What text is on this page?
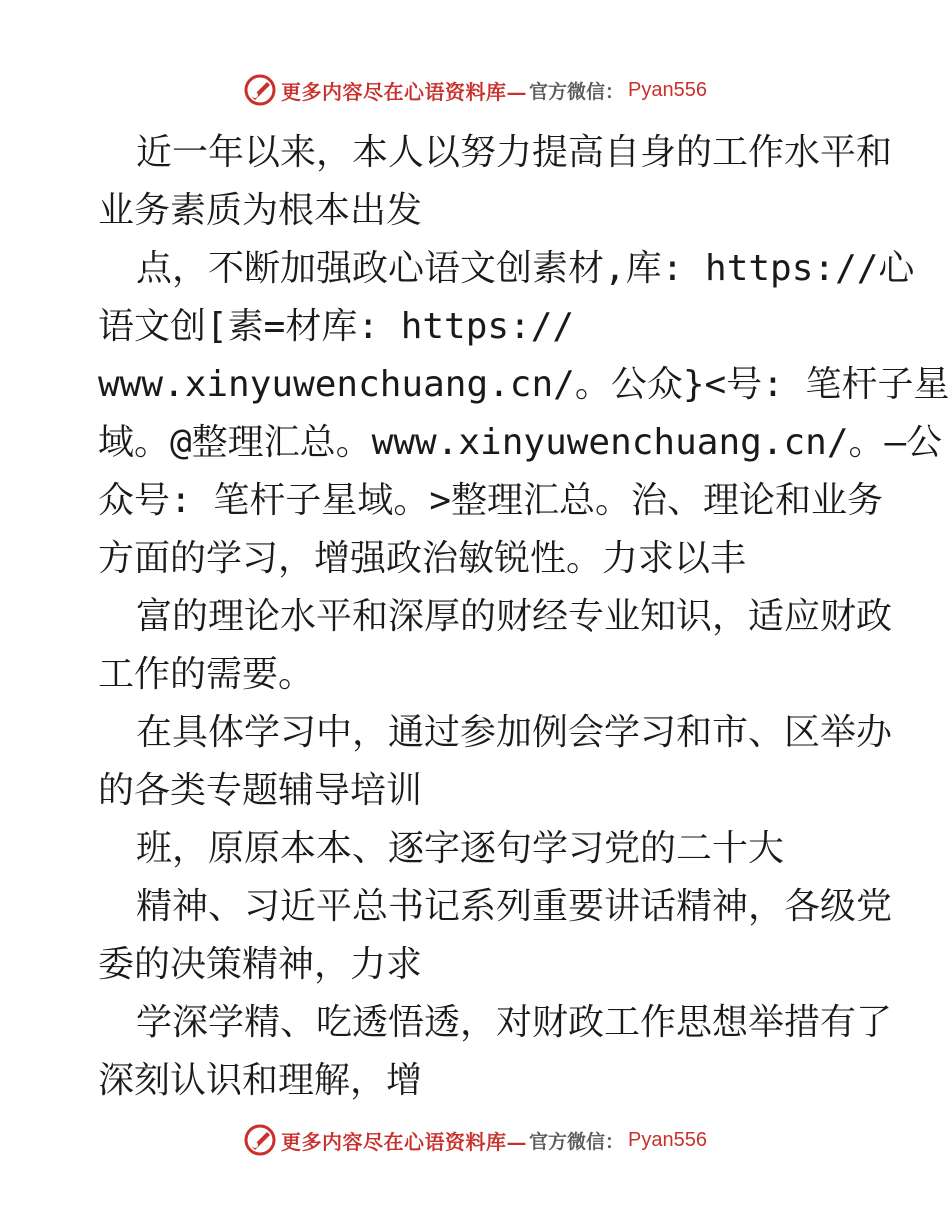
更多内容尽在心语资料库— 官方微信： Pyan556
近一年以来，本人以努力提高自身的工作水平和
业务素质为根本出发
点，不断加强政心语文创素材,库: https://心
语文创[素=材库: https://
www.xinyuwenchuang.cn/。公众}<号: 笔杆子星
域。@整理汇总。www.xinyuwenchuang.cn/。—公
众号: 笔杆子星域。>整理汇总。治、理论和业务
方面的学习，增强政治敏锐性。力求以丰
富的理论水平和深厚的财经专业知识，适应财政
工作的需要。
在具体学习中，通过参加例会学习和市、区举办
的各类专题辅导培训
班，原原本本、逐字逐句学习党的二十大
精神、习近平总书记系列重要讲话精神，各级党
委的决策精神，力求
学深学精、吃透悟透，对财政工作思想举措有了
深刻认识和理解，增
更多内容尽在心语资料库— 官方微信： Pyan556
